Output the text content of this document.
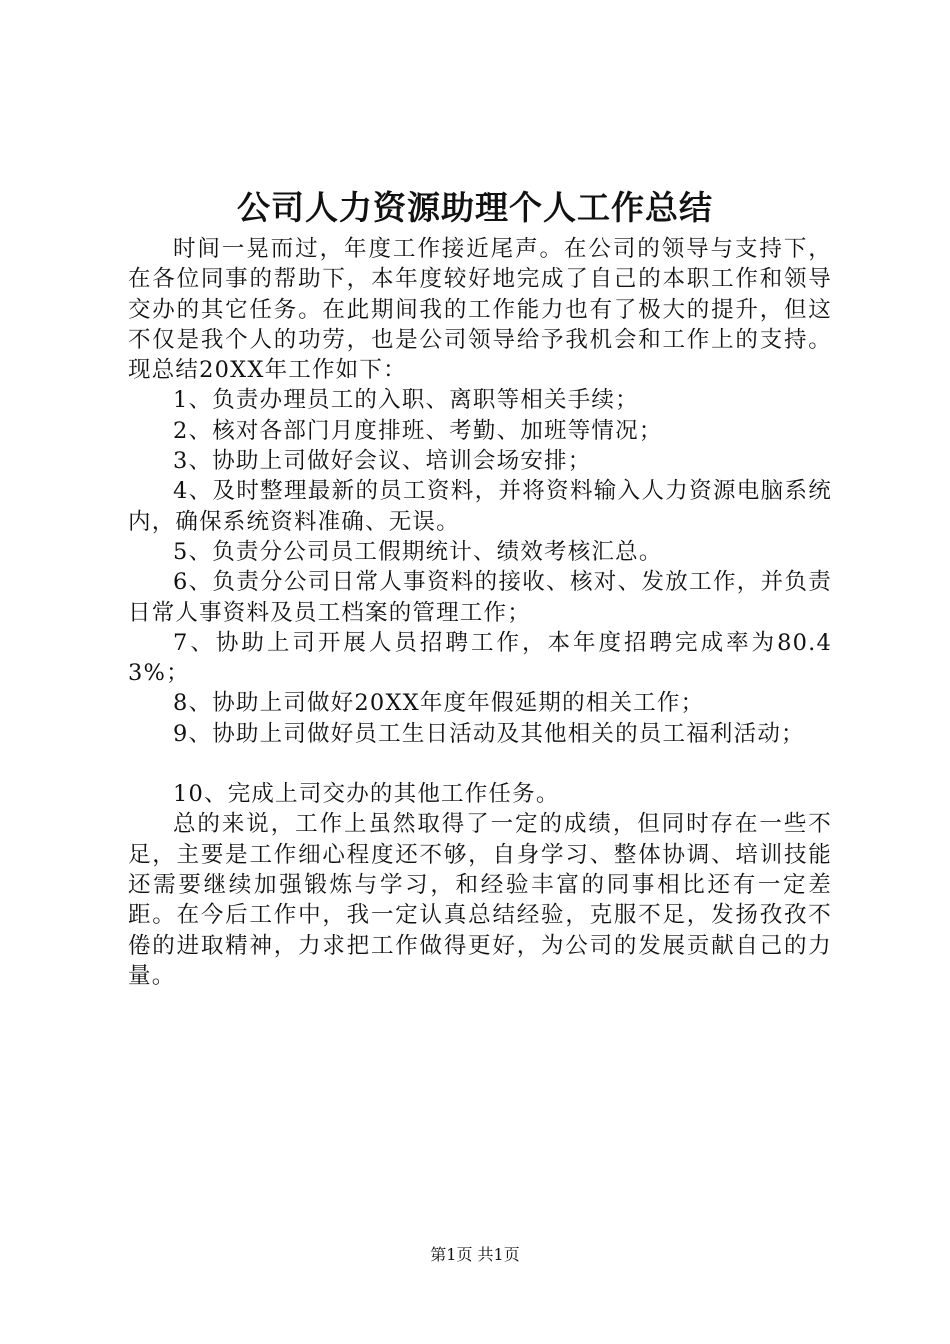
公司人力资源助理个人工作总结

时间一晃而过，年度工作接近尾声。在公司的领导与支持下，在各位同事的帮助下，本年度较好地完成了自己的本职工作和领导交办的其它任务。在此期间我的工作能力也有了极大的提升，但这不仅是我个人的功劳，也是公司领导给予我机会和工作上的支持。现总结20XX年工作如下：

1、负责办理员工的入职、离职等相关手续；

2、核对各部门月度排班、考勤、加班等情况；

3、协助上司做好会议、培训会场安排；

4、及时整理最新的员工资料，并将资料输入人力资源电脑系统内，确保系统资料准确、无误。

5、负责分公司员工假期统计、绩效考核汇总。

6、负责分公司日常人事资料的接收、核对、发放工作，并负责日常人事资料及员工档案的管理工作；

7、协助上司开展人员招聘工作，本年度招聘完成率为80.43%；

8、协助上司做好20XX年度年假延期的相关工作；

9、协助上司做好员工生日活动及其他相关的员工福利活动；

10、完成上司交办的其他工作任务。

总的来说，工作上虽然取得了一定的成绩，但同时存在一些不足，主要是工作细心程度还不够，自身学习、整体协调、培训技能还需要继续加强锻炼与学习，和经验丰富的同事相比还有一定差距。在今后工作中，我一定认真总结经验，克服不足，发扬孜孜不倦的进取精神，力求把工作做得更好，为公司的发展贡献自己的力量。

第1页 共1页
